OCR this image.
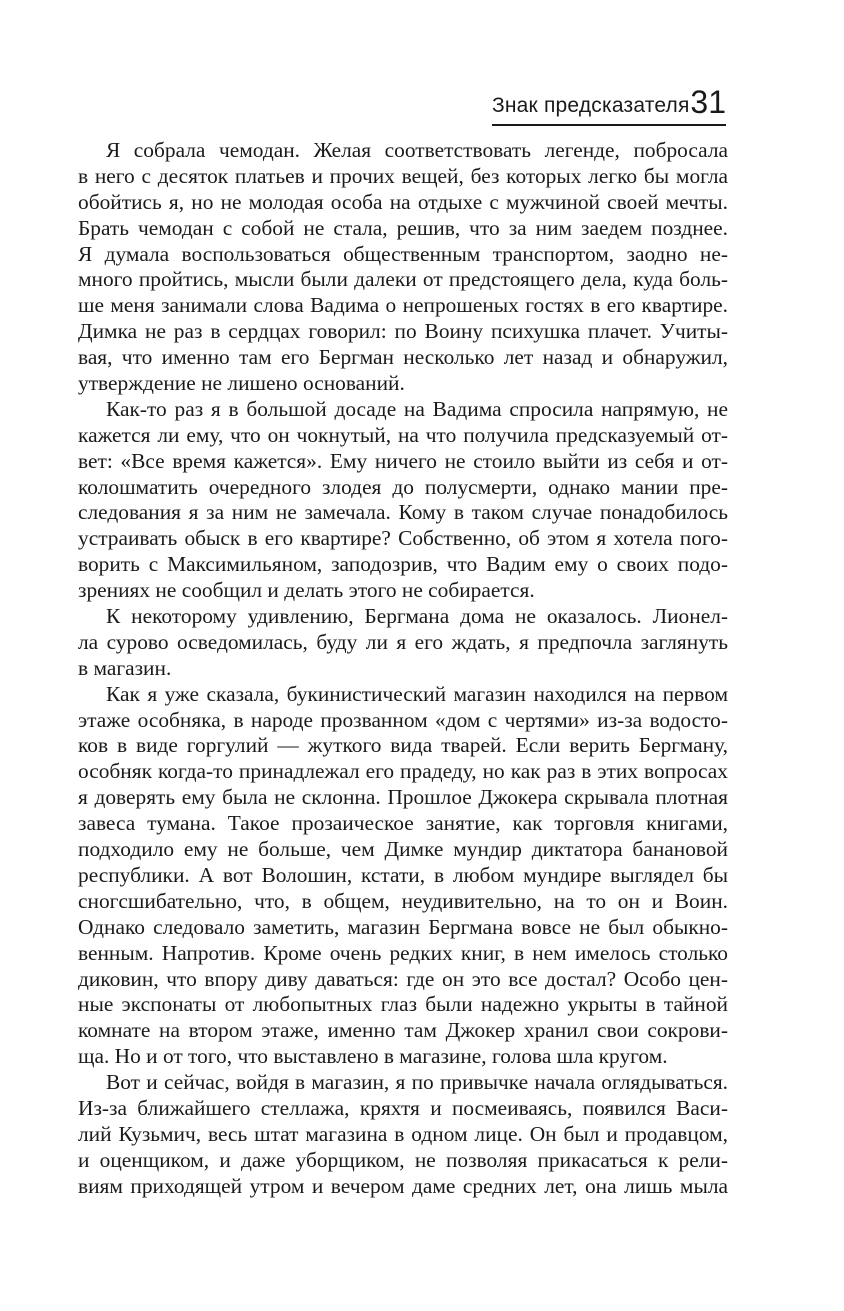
Знак предсказателя 31
Я собрала чемодан. Желая соответствовать легенде, побросала
в него с десяток платьев и прочих вещей, без которых легко бы могла
обойтись я, но не молодая особа на отдыхе с мужчиной своей мечты.
Брать чемодан с собой не стала, решив, что за ним заедем позднее.
Я думала воспользоваться общественным транспортом, заодно не-
много пройтись, мысли были далеки от предстоящего дела, куда боль-
ше меня занимали слова Вадима о непрошеных гостях в его квартире.
Димка не раз в сердцах говорил: по Воину психушка плачет. Учиты-
вая, что именно там его Бергман несколько лет назад и обнаружил,
утверждение не лишено оснований.
Как-то раз я в большой досаде на Вадима спросила напрямую, не
кажется ли ему, что он чокнутый, на что получила предсказуемый от-
вет: «Все время кажется». Ему ничего не стоило выйти из себя и от-
колошматить очередного злодея до полусмерти, однако мании пре-
следования я за ним не замечала. Кому в таком случае понадобилось
устраивать обыск в его квартире? Собственно, об этом я хотела пого-
ворить с Максимильяном, заподозрив, что Вадим ему о своих подо-
зрениях не сообщил и делать этого не собирается.
К некоторому удивлению, Бергмана дома не оказалось. Лионел-
ла сурово осведомилась, буду ли я его ждать, я предпочла заглянуть
в магазин.
Как я уже сказала, букинистический магазин находился на первом
этаже особняка, в народе прозванном «дом с чертями» из-за водосто-
ков в виде горгулий — жуткого вида тварей. Если верить Бергману,
особняк когда-то принадлежал его прадеду, но как раз в этих вопросах
я доверять ему была не склонна. Прошлое Джокера скрывала плотная
завеса тумана. Такое прозаическое занятие, как торговля книгами,
подходило ему не больше, чем Димке мундир диктатора банановой
республики. А вот Волошин, кстати, в любом мундире выглядел бы
сногсшибательно, что, в общем, неудивительно, на то он и Воин.
Однако следовало заметить, магазин Бергмана вовсе не был обыкно-
венным. Напротив. Кроме очень редких книг, в нем имелось столько
диковин, что впору диву даваться: где он это все достал? Особо цен-
ные экспонаты от любопытных глаз были надежно укрыты в тайной
комнате на втором этаже, именно там Джокер хранил свои сокрови-
ща. Но и от того, что выставлено в магазине, голова шла кругом.
Вот и сейчас, войдя в магазин, я по привычке начала оглядываться.
Из-за ближайшего стеллажа, кряхтя и посмеиваясь, появился Васи-
лий Кузьмич, весь штат магазина в одном лице. Он был и продавцом,
и оценщиком, и даже уборщиком, не позволяя прикасаться к рели-
виям приходящей утром и вечером даме средних лет, она лишь мыла
